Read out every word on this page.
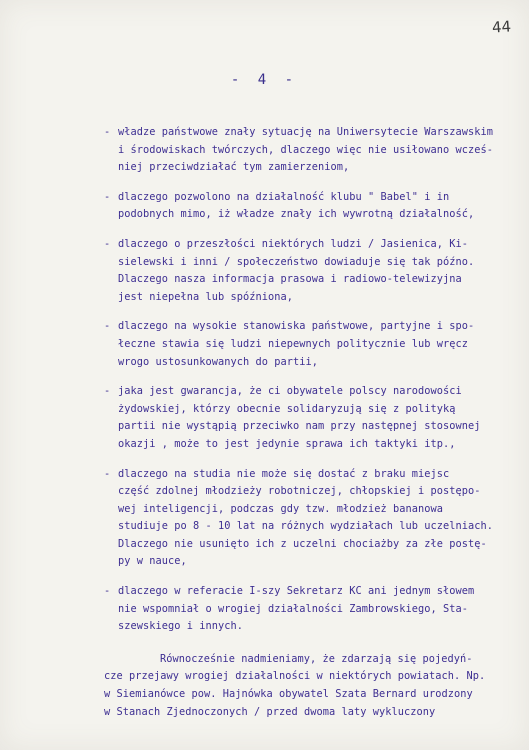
44
- 4 -
- władze państwowe znały sytuację na Uniwersytecie Warszawskim
i środowiskach twórczych, dlaczego więc nie usiłowano wcześ-
niej przeciwdziałać tym zamierzeniom,
- dlaczego pozwolono na działalność klubu " Babel" i in
podobnych mimo, iż władze znały ich wywrotną działalność,
- dlaczego o przeszłości niektórych ludzi / Jasienica, Ki-
sielewski i inni / społeczeństwo dowiaduje się tak późno.
Dlaczego nasza informacja prasowa i radiowo-telewizyjna
jest niepełna lub spóźniona,
- dlaczego na wysokie stanowiska państwowe, partyjne i spo-
łeczne stawia się ludzi niepewnych politycznie lub wręcz
wrogo ustosunkowanych do partii,
- jaka jest gwarancja, że ci obywatele polscy narodowości
żydowskiej, którzy obecnie solidaryzują się z polityką
partii nie wystąpią przeciwko nam przy następnej stosownej
okazji , może to jest jedynie sprawa ich taktyki itp.,
- dlaczego na studia nie może się dostać z braku miejsc
część zdolnej młodzieży robotniczej, chłopskiej i postępo-
wej inteligencji, podczas gdy tzw. młodzież bananowa
studiuje po 8 - 10 lat na różnych wydziałach lub uczelniach.
Dlaczego nie usunięto ich z uczelni chociażby za złe postę-
py w nauce,
- dlaczego w referacie I-szy Sekretarz KC ani jednym słowem
nie wspomniał o wrogiej działalności Zambrowskiego, Sta-
szewskiego i innych.
Równocześnie nadmieniamy, że zdarzają się pojedyń-
cze przejawy wrogiej działalności w niektórych powiatach. Np.
w Siemianówce pow. Hajnówka obywatel Szata Bernard urodzony
w Stanach Zjednoczonych / przed dwoma laty wykluczony
